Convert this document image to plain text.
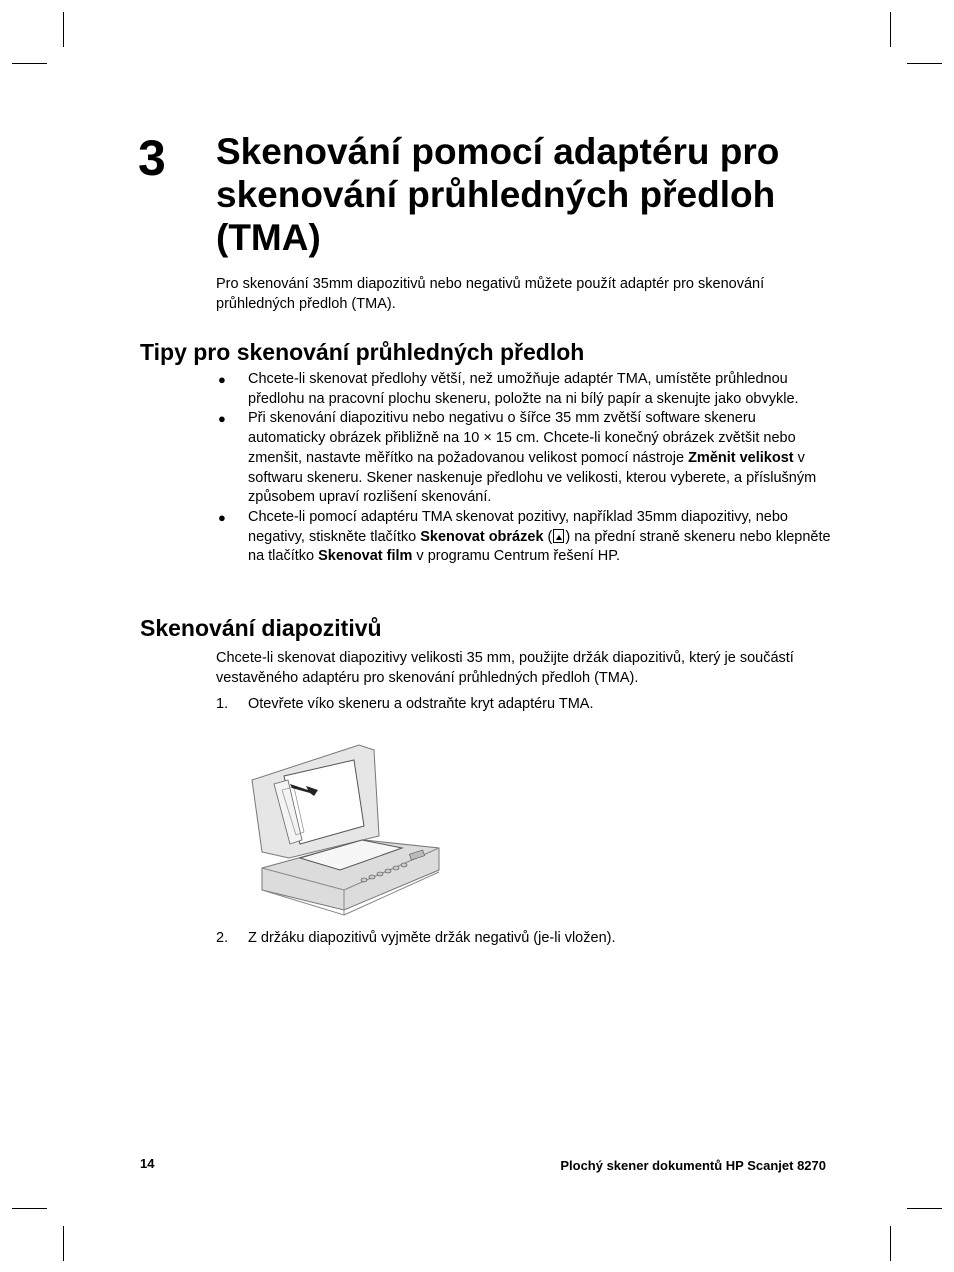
3 Skenování pomocí adaptéru pro skenování průhledných předloh (TMA)

Pro skenování 35mm diapozitivů nebo negativů můžete použít adaptér pro skenování průhledných předloh (TMA).

Tipy pro skenování průhledných předloh
● Chcete-li skenovat předlohy větší, než umožňuje adaptér TMA, umístěte průhlednou předlohu na pracovní plochu skeneru, položte na ni bílý papír a skenujte jako obvykle.
● Při skenování diapozitivu nebo negativu o šířce 35 mm zvětší software skeneru automaticky obrázek přibližně na 10 × 15 cm. Chcete-li konečný obrázek zvětšit nebo zmenšit, nastavte měřítko na požadovanou velikost pomocí nástroje Změnit velikost v softwaru skeneru. Skener naskenuje předlohu ve velikosti, kterou vyberete, a příslušným způsobem upraví rozlišení skenování.
● Chcete-li pomocí adaptéru TMA skenovat pozitivy, například 35mm diapozitivy, nebo negativy, stiskněte tlačítko Skenovat obrázek ( ) na přední straně skeneru nebo klepněte na tlačítko Skenovat film v programu Centrum řešení HP.
Skenování diapozitivů

Chcete-li skenovat diapozitivy velikosti 35 mm, použijte držák diapozitivů, který je součástí vestavěného adaptéru pro skenování průhledných předloh (TMA).

1. Otevřete víko skeneru a odstraňte kryt adaptéru TMA.
2. Z držáku diapozitivů vyjměte držák negativů (je-li vložen).
14	Plochý skener dokumentů HP Scanjet 8270
